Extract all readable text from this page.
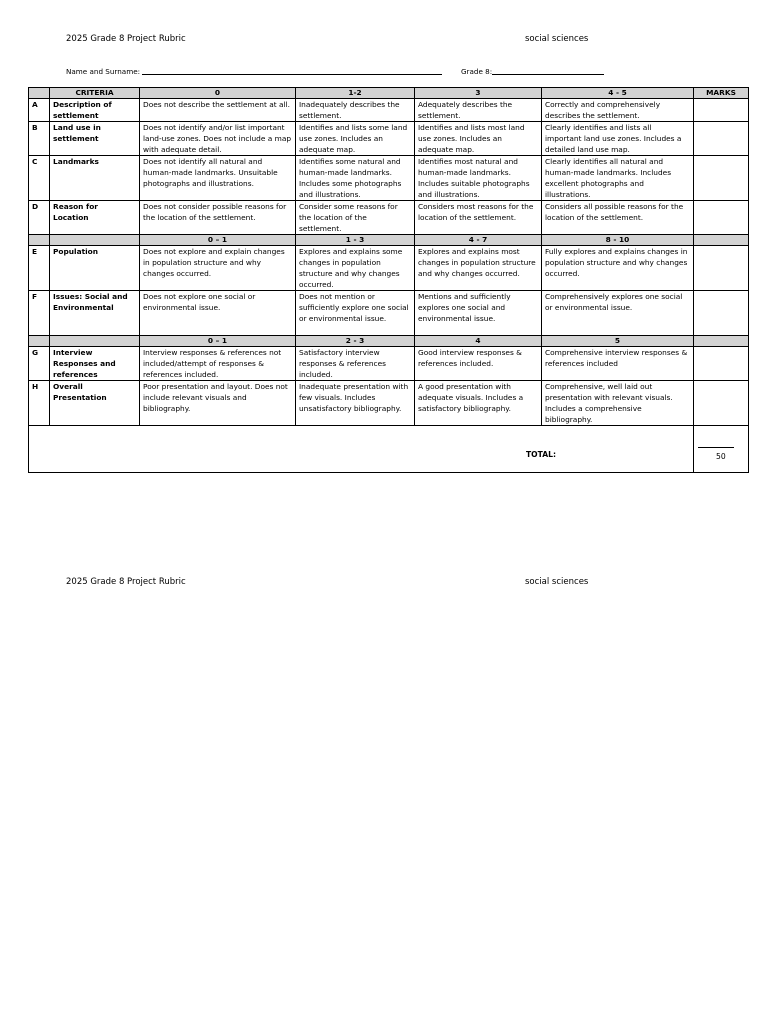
2025 Grade 8 Project Rubric	social sciences
Name and Surname:	Grade 8:
	CRITERIA	0	1-2	3	4 - 5	MARKS
A	Description of settlement	Does not describe the settlement at all.	Inadequately describes the settlement.	Adequately describes the settlement.	Correctly and comprehensively describes the settlement.	
B	Land use in settlement	Does not identify and/or list important land-use zones. Does not include a map with adequate detail.	Identifies and lists some land use zones. Includes an adequate map.	Identifies and lists most land use zones. Includes an adequate map.	Clearly identifies and lists all important land use zones. Includes a detailed land use map.	
C	Landmarks	Does not identify all natural and human-made landmarks. Unsuitable photographs and illustrations.	Identifies some natural and human-made landmarks. Includes some photographs and illustrations.	Identifies most natural and human-made landmarks. Includes suitable photographs and illustrations.	Clearly identifies all natural and human-made landmarks. Includes excellent photographs and illustrations.	
D	Reason for Location	Does not consider possible reasons for the location of the settlement.	Consider some reasons for the location of the settlement.	Considers most reasons for the location of the settlement.	Considers all possible reasons for the location of the settlement.	
		0 – 1	1 - 3	4 - 7	8 - 10	
E	Population	Does not explore and explain changes in population structure and why changes occurred.	Explores and explains some changes in population structure and why changes occurred.	Explores and explains most changes in population structure and why changes occurred.	Fully explores and explains changes in population structure and why changes occurred.	
F	Issues: Social and Environmental	Does not explore one social or environmental issue.	Does not mention or sufficiently explore one social or environmental issue.	Mentions and sufficiently explores one social and environmental issue.	Comprehensively explores one social or environmental issue.	
		0 – 1	2 - 3	4	5	
G	Interview Responses and references	Interview responses & references not included/attempt of responses & references included.	Satisfactory interview responses & references included.	Good interview responses & references included.	Comprehensive interview responses & references included	
H	Overall Presentation	Poor presentation and layout. Does not include relevant visuals and bibliography.	Inadequate presentation with few visuals. Includes unsatisfactory bibliography.	A good presentation with adequate visuals. Includes a satisfactory bibliography.	Comprehensive, well laid out presentation with relevant visuals. Includes a comprehensive bibliography.	

TOTAL:	50
2025 Grade 8 Project Rubric	social sciences
